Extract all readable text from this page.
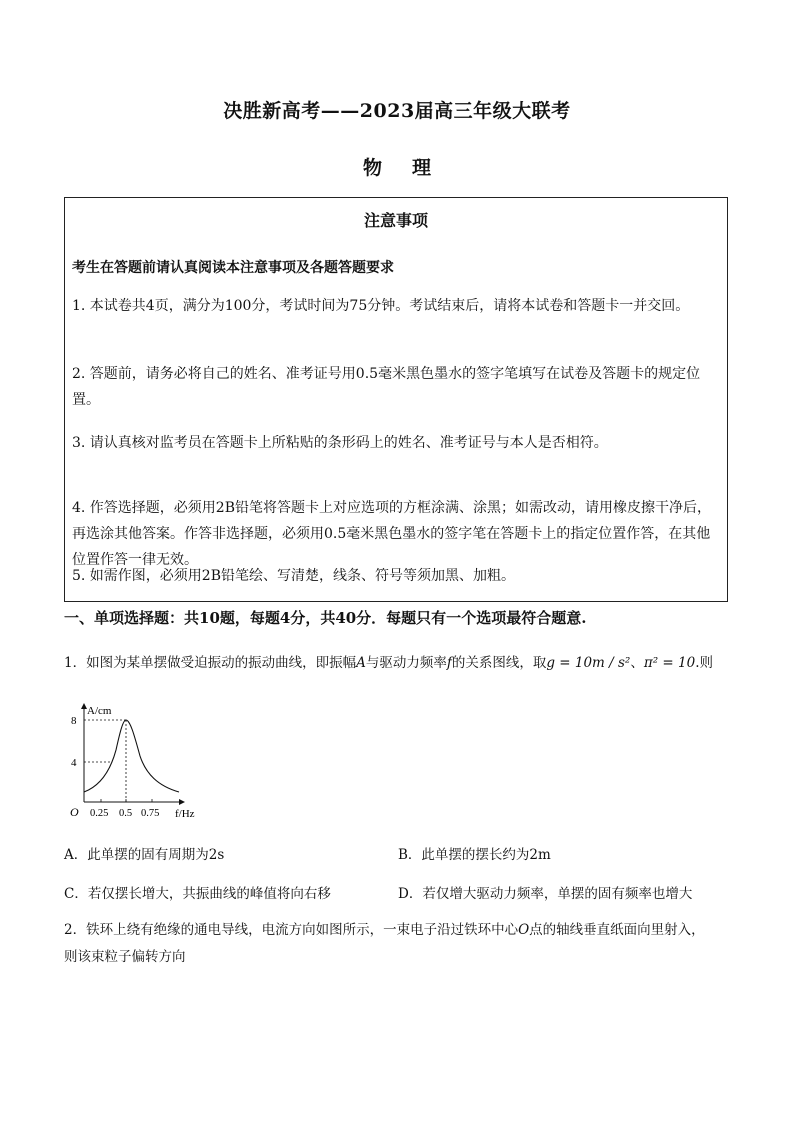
决胜新高考——2023届高三年级大联考
物理
注意事项
考生在答题前请认真阅读本注意事项及各题答题要求
1. 本试卷共4页，满分为100分，考试时间为75分钟。考试结束后，请将本试卷和答题卡一并交回。
2. 答题前，请务必将自己的姓名、准考证号用0.5毫米黑色墨水的签字笔填写在试卷及答题卡的规定位置。
3. 请认真核对监考员在答题卡上所粘贴的条形码上的姓名、准考证号与本人是否相符。
4. 作答选择题，必须用2B铅笔将答题卡上对应选项的方框涂满、涂黑；如需改动，请用橡皮擦干净后，再选涂其他答案。作答非选择题，必须用0.5毫米黑色墨水的签字笔在答题卡上的指定位置作答，在其他位置作答一律无效。
5. 如需作图，必须用2B铅笔绘、写清楚，线条、符号等须加黑、加粗。
一、单项选择题：共10题，每题4分，共40分．每题只有一个选项最符合题意.
1．如图为某单摆做受迫振动的振动曲线，即振幅A与驱动力频率f的关系图线，取g = 10m / s²、π² = 10.则
A/cm
f/Hz
O
8
4
0.25 0.5 0.75
A．此单摆的固有周期为2s	B．此单摆的摆长约为2m
C．若仅摆长增大，共振曲线的峰值将向右移	D．若仅增大驱动力频率，单摆的固有频率也增大
2．铁环上绕有绝缘的通电导线，电流方向如图所示，一束电子沿过铁环中心O点的轴线垂直纸面向里射入，
则该束粒子偏转方向
